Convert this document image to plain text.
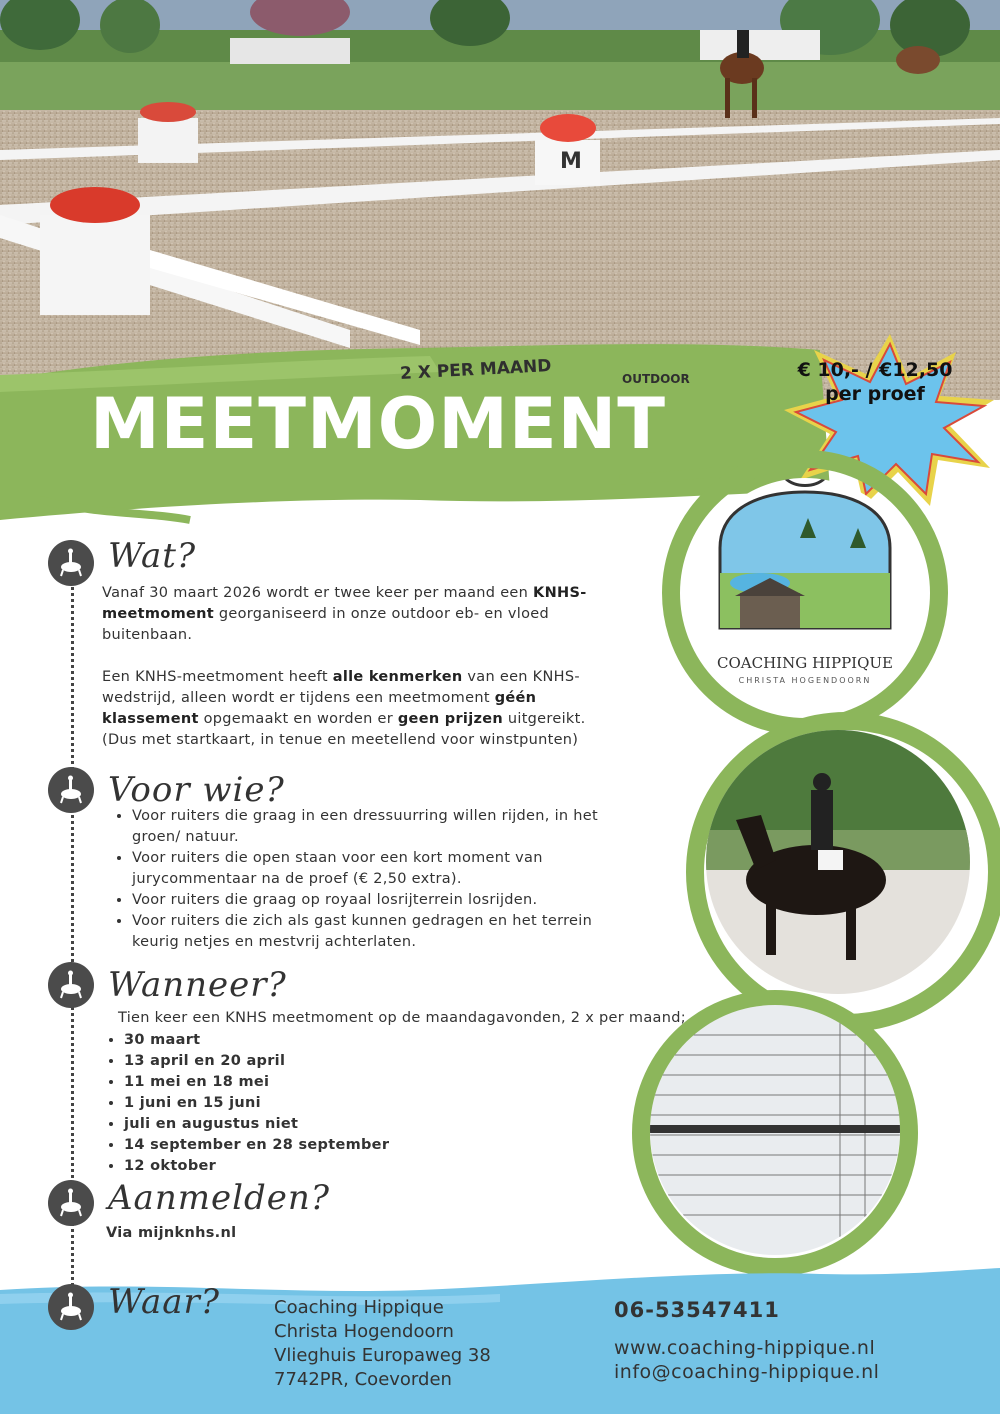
M
MEETMOMENT
2 X PER MAAND	OUTDOOR	€ 10,- / €12,50
per proef
COACHING HIPPIQUE
CHRISTA HOGENDOORN
Wat?
Vanaf 30 maart 2026 wordt er twee keer per maand een KNHS-meetmoment georganiseerd in onze outdoor eb- en vloed buitenbaan.
Een KNHS-meetmoment heeft alle kenmerken van een KNHS-wedstrijd, alleen wordt er tijdens een meetmoment géén klassement opgemaakt en worden er geen prijzen uitgereikt. (Dus met startkaart, in tenue en meetellend voor winstpunten)
Voor wie?
• Voor ruiters die graag in een dressuurring willen rijden, in het groen/ natuur.
• Voor ruiters die open staan voor een kort moment van jurycommentaar na de proef (€ 2,50 extra).
• Voor ruiters die graag op royaal losrijterrein losrijden.
• Voor ruiters die zich als gast kunnen gedragen en het terrein keurig netjes en mestvrij achterlaten.
Wanneer?
Tien keer een KNHS meetmoment op de maandagavonden, 2 x per maand;
• 30 maart
• 13 april en 20 april
• 11 mei en 18 mei
• 1 juni en 15 juni
• juli en augustus niet
• 14 september en 28 september
• 12 oktober
Aanmelden?
Via mijnknhs.nl
Waar?	Coaching Hippique
Christa Hogendoorn
Vlieghuis Europaweg 38
7742PR, Coevorden
06-53547411
www.coaching-hippique.nl
info@coaching-hippique.nl
